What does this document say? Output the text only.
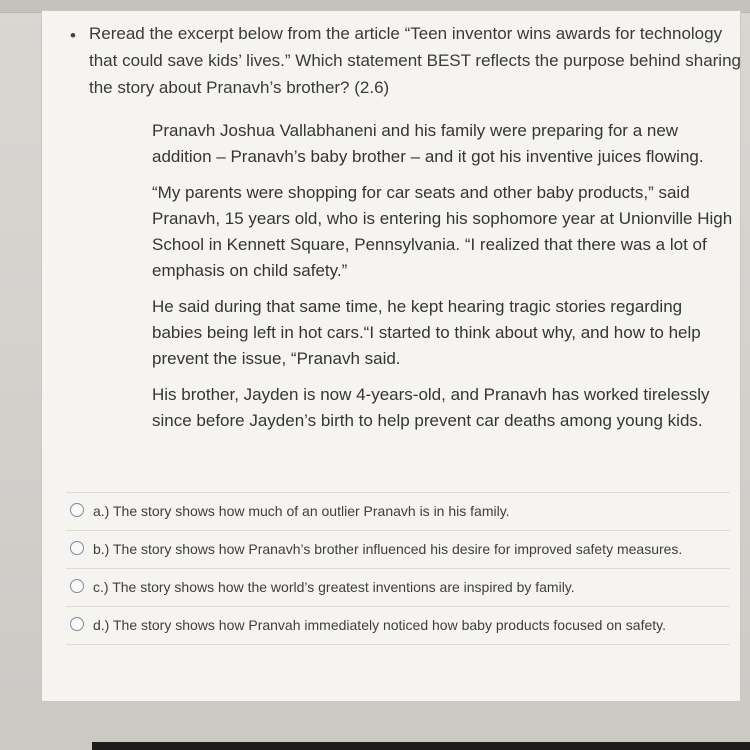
• Reread the excerpt below from the article “Teen inventor wins awards for technology that could save kids’ lives.” Which statement BEST reflects the purpose behind sharing the story about Pranavh’s brother? (2.6)

Pranavh Joshua Vallabhaneni and his family were preparing for a new addition – Pranavh’s baby brother – and it got his inventive juices flowing.

“My parents were shopping for car seats and other baby products,” said Pranavh, 15 years old, who is entering his sophomore year at Unionville High School in Kennett Square, Pennsylvania. “I realized that there was a lot of emphasis on child safety.”

He said during that same time, he kept hearing tragic stories regarding babies being left in hot cars.“I started to think about why, and how to help prevent the issue, “Pranavh said.

His brother, Jayden is now 4-years-old, and Pranavh has worked tirelessly since before Jayden’s birth to help prevent car deaths among young kids.

a.) The story shows how much of an outlier Pranavh is in his family.
b.) The story shows how Pranavh’s brother influenced his desire for improved safety measures.
c.) The story shows how the world’s greatest inventions are inspired by family.
d.) The story shows how Pranvah immediately noticed how baby products focused on safety.
